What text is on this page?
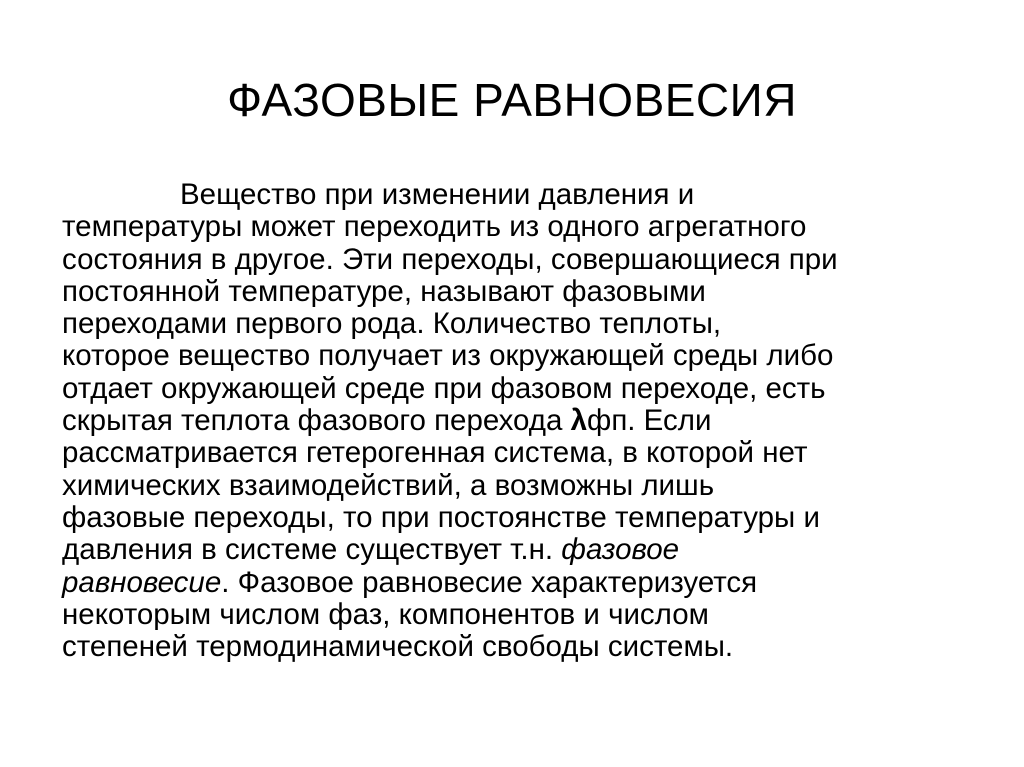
ФАЗОВЫЕ РАВНОВЕСИЯ
Вещество при изменении давления и
температуры может переходить из одного агрегатного
состояния в другое. Эти переходы, совершающиеся при
постоянной температуре, называют фазовыми
переходами первого рода. Количество теплоты,
которое вещество получает из окружающей среды либо
отдает окружающей среде при фазовом переходе, есть
скрытая теплота фазового перехода λфп. Если
рассматривается гетерогенная система, в которой нет
химических взаимодействий, а возможны лишь
фазовые переходы, то при постоянстве температуры и
давления в системе существует т.н. фазовое
равновесие. Фазовое равновесие характеризуется
некоторым числом фаз, компонентов и числом
степеней термодинамической свободы системы.
